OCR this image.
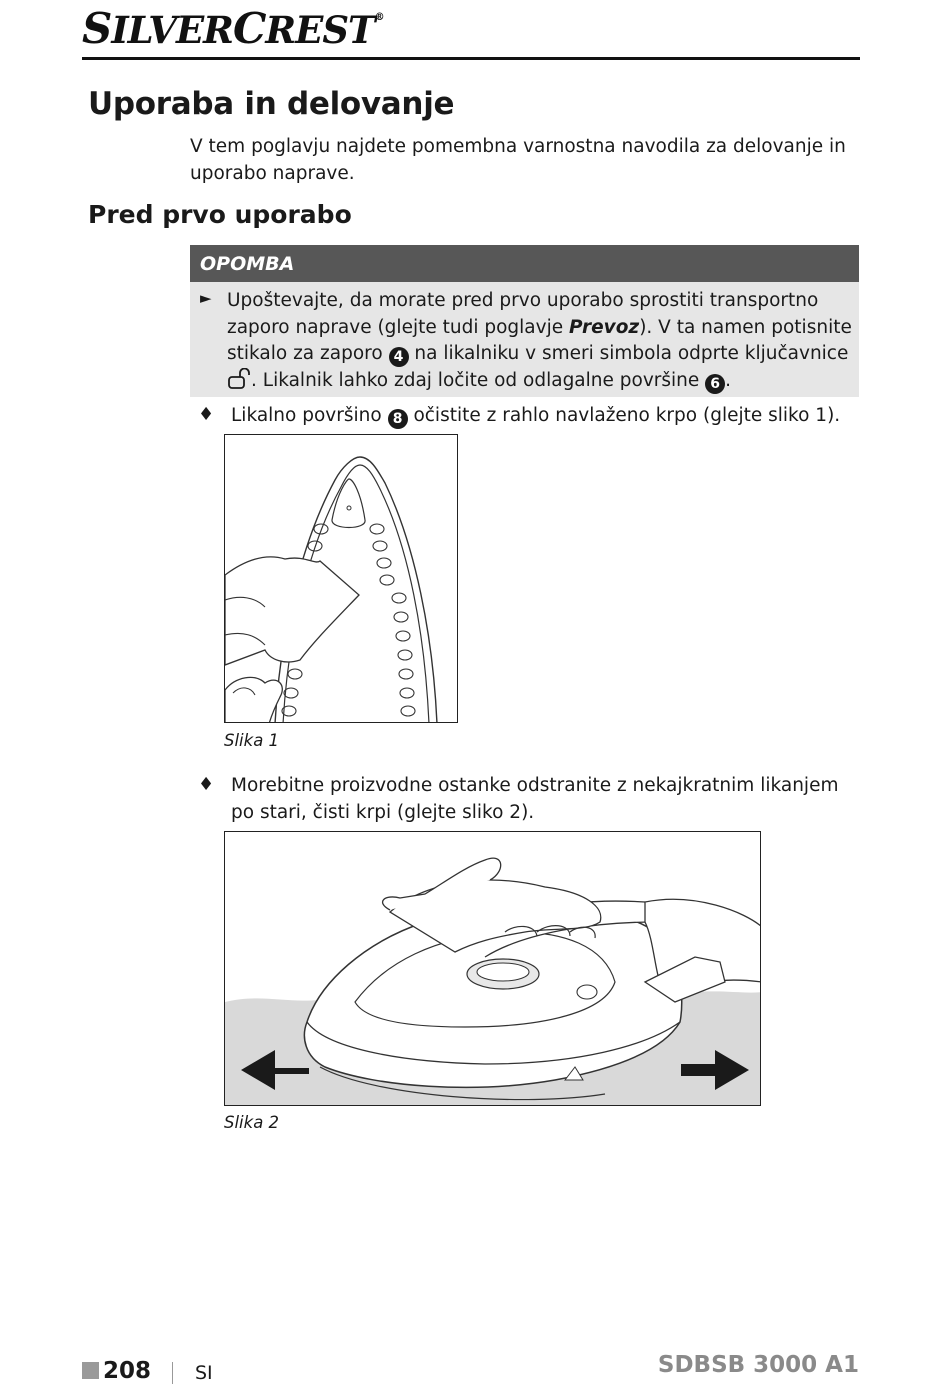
SILVERCREST®
Uporaba in delovanje

V tem poglavju najdete pomembna varnostna navodila za delovanje in uporabo naprave.

Pred prvo uporabo
OPOMBA
► Upoštevajte, da morate pred prvo uporabo sprostiti transportno zaporo naprave (glejte tudi poglavje Prevoz). V ta namen potisnite stikalo za zaporo 4 na likalniku v smeri simbola odprte ključavnice . Likalnik lahko zdaj ločite od odlagalne površine 6 .
♦ Likalno površino 8 očistite z rahlo navlaženo krpo (glejte sliko 1).

Slika 1
♦ Morebitne proizvodne ostanke odstranite z nekajkratnim likanjem po stari, čisti krpi (glejte sliko 2).

Slika 2
208 SI	SDBSB 3000 A1
